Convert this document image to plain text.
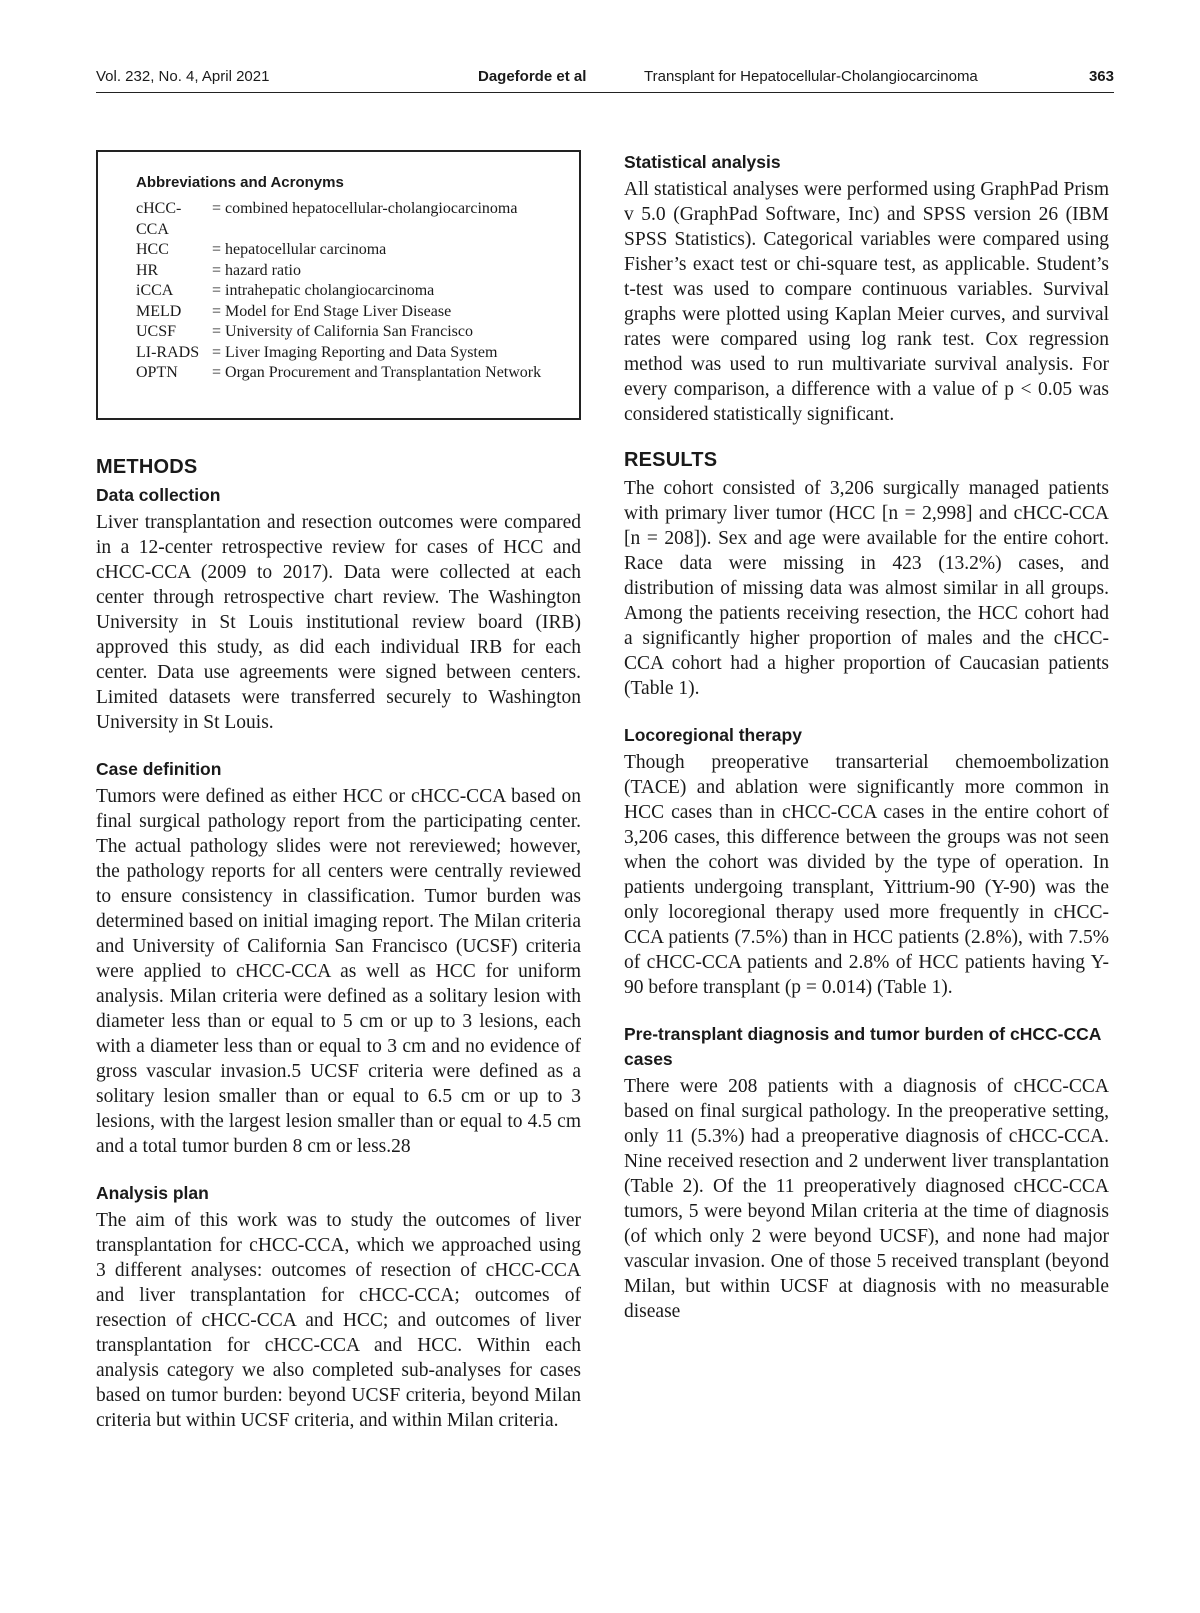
Vol. 232, No. 4, April 2021	Dageforde et al	Transplant for Hepatocellular-Cholangiocarcinoma	363
Abbreviations and Acronyms
cHCC-CCA
= combined hepatocellular-cholangiocarcinoma
HCC	= hepatocellular carcinoma
HR	= hazard ratio
iCCA	= intrahepatic cholangiocarcinoma
MELD	= Model for End Stage Liver Disease
UCSF	= University of California San Francisco
LI-RADS = Liver Imaging Reporting and Data System
OPTN	= Organ Procurement and Transplantation Network
METHODS
Data collection

Liver transplantation and resection outcomes were compared in a 12-center retrospective review for cases of HCC and cHCC-CCA (2009 to 2017). Data were collected at each center through retrospective chart review. The Washington University in St Louis institutional review board (IRB) approved this study, as did each individual IRB for each center. Data use agreements were signed between centers. Limited datasets were transferred securely to Washington University in St Louis.

Case definition

Tumors were defined as either HCC or cHCC-CCA based on final surgical pathology report from the participating center. The actual pathology slides were not rereviewed; however, the pathology reports for all centers were centrally reviewed to ensure consistency in classification. Tumor burden was determined based on initial imaging report. The Milan criteria and University of California San Francisco (UCSF) criteria were applied to cHCC-CCA as well as HCC for uniform analysis. Milan criteria were defined as a solitary lesion with diameter less than or equal to 5 cm or up to 3 lesions, each with a diameter less than or equal to 3 cm and no evidence of gross vascular invasion.5 UCSF criteria were defined as a solitary lesion smaller than or equal to 6.5 cm or up to 3 lesions, with the largest lesion smaller than or equal to 4.5 cm and a total tumor burden 8 cm or less.28

Analysis plan

The aim of this work was to study the outcomes of liver transplantation for cHCC-CCA, which we approached using 3 different analyses: outcomes of resection of cHCC-CCA and liver transplantation for cHCC-CCA; outcomes of resection of cHCC-CCA and HCC; and outcomes of liver transplantation for cHCC-CCA and HCC. Within each analysis category we also completed sub-analyses for cases based on tumor burden: beyond UCSF criteria, beyond Milan criteria but within UCSF criteria, and within Milan criteria.

Statistical analysis

All statistical analyses were performed using GraphPad Prism v 5.0 (GraphPad Software, Inc) and SPSS version 26 (IBM SPSS Statistics). Categorical variables were compared using Fisher’s exact test or chi-square test, as applicable. Student’s t-test was used to compare continuous variables. Survival graphs were plotted using Kaplan Meier curves, and survival rates were compared using log rank test. Cox regression method was used to run multivariate survival analysis. For every comparison, a difference with a value of p < 0.05 was considered statistically significant.

RESULTS

The cohort consisted of 3,206 surgically managed patients with primary liver tumor (HCC [n = 2,998] and cHCC-CCA [n = 208]). Sex and age were available for the entire cohort. Race data were missing in 423 (13.2%) cases, and distribution of missing data was almost similar in all groups. Among the patients receiving resection, the HCC cohort had a significantly higher proportion of males and the cHCC-CCA cohort had a higher proportion of Caucasian patients (Table 1).

Locoregional therapy

Though preoperative transarterial chemoembolization (TACE) and ablation were significantly more common in HCC cases than in cHCC-CCA cases in the entire cohort of 3,206 cases, this difference between the groups was not seen when the cohort was divided by the type of operation. In patients undergoing transplant, Yittrium-90 (Y-90) was the only locoregional therapy used more frequently in cHCC-CCA patients (7.5%) than in HCC patients (2.8%), with 7.5% of cHCC-CCA patients and 2.8% of HCC patients having Y-90 before transplant (p = 0.014) (Table 1).

Pre-transplant diagnosis and tumor burden of cHCC-CCA cases

There were 208 patients with a diagnosis of cHCC-CCA based on final surgical pathology. In the preoperative setting, only 11 (5.3%) had a preoperative diagnosis of cHCC-CCA. Nine received resection and 2 underwent liver transplantation (Table 2). Of the 11 preoperatively diagnosed cHCC-CCA tumors, 5 were beyond Milan criteria at the time of diagnosis (of which only 2 were beyond UCSF), and none had major vascular invasion. One of those 5 received transplant (beyond Milan, but within UCSF at diagnosis with no measurable disease
